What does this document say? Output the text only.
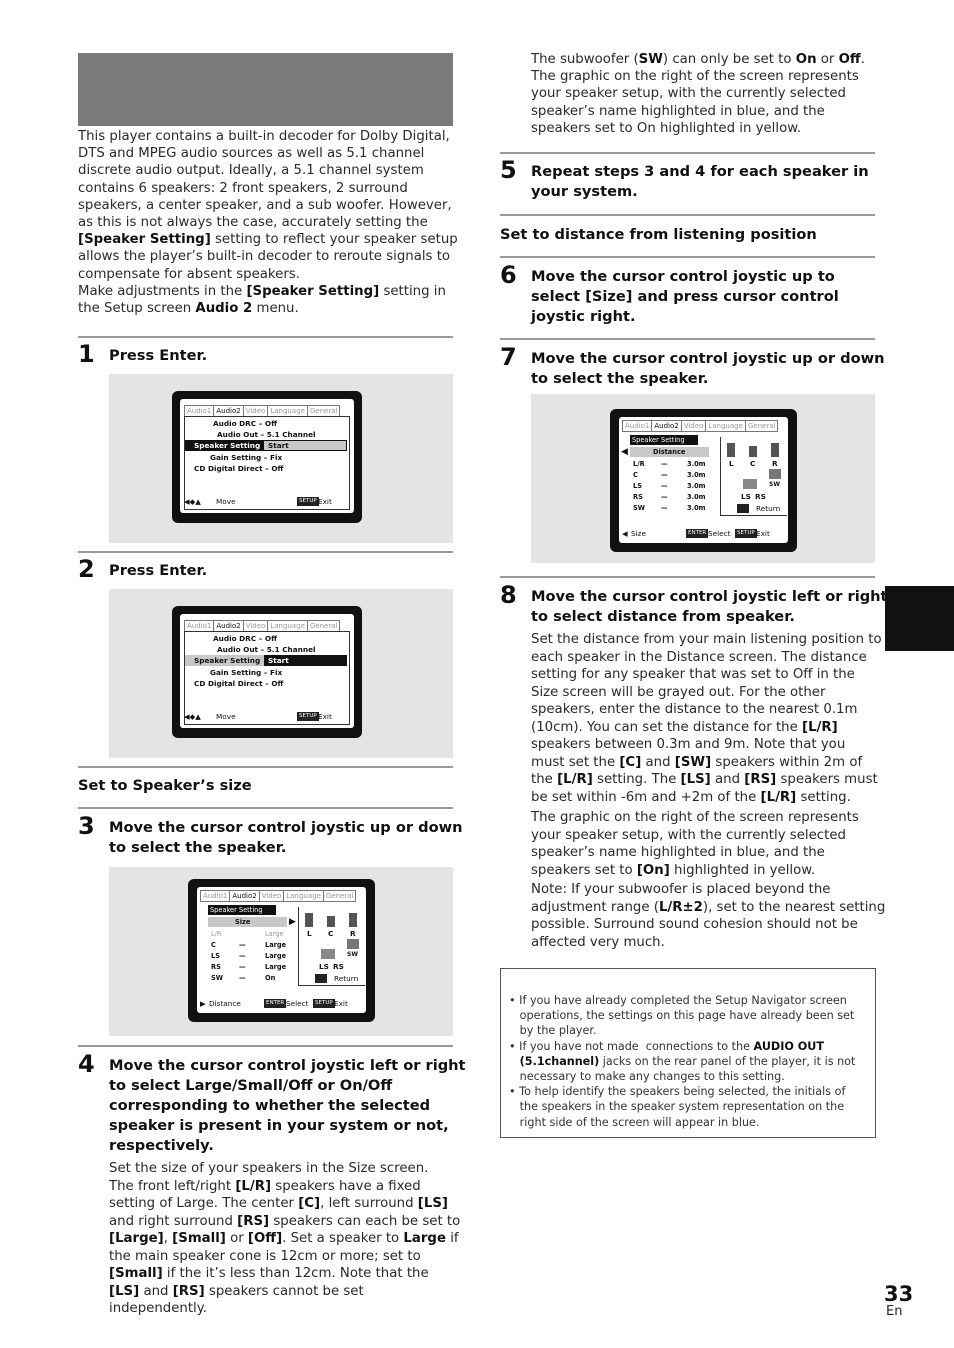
This player contains a built-in decoder for Dolby Digital,
DTS and MPEG audio sources as well as 5.1 channel
discrete audio output. Ideally, a 5.1 channel system
contains 6 speakers: 2 front speakers, 2 surround
speakers, a center speaker, and a sub woofer. However,
as this is not always the case, accurately setting the
[Speaker Setting] setting to reflect your speaker setup
allows the player’s built-in decoder to reroute signals to
compensate for absent speakers.
Make adjustments in the [Speaker Setting] setting in
the Setup screen Audio 2 menu.
1 Press Enter.
Audio1 Audio2 Video Language General
Audio DRC – Off
Audio Out – 5.1 Channel
Speaker Setting Start
Gain Setting – Fix
CD Digital Direct – Off
◀◆▲ Move	SETUP Exit
2 Press Enter.
Audio1 Audio2 Video Language General
Audio DRC – Off
Audio Out – 5.1 Channel
Speaker Setting Start
Gain Setting – Fix
CD Digital Direct – Off
◀◆▲ Move	SETUP Exit
Set to Speaker’s size
3 Move the cursor control joystic up or down
to select the speaker.
Audio1 Audio2 Video Language General
Speaker Setting
Size	▶
L/R	Large
C	—	Large
LS	—	Large
RS	—	Large
SW —	On
L C R
SW
LS RS
Return
▶ Distance	ENTER Select	SETUP Exit
4 Move the cursor control joystic left or right
to select Large/Small/Off or On/Off
corresponding to whether the selected
speaker is present in your system or not,
respectively.
Set the size of your speakers in the Size screen.
The front left/right [L/R] speakers have a fixed
setting of Large. The center [C], left surround [LS]
and right surround [RS] speakers can each be set to
[Large], [Small] or [Off]. Set a speaker to Large if
the main speaker cone is 12cm or more; set to
[Small] if the it’s less than 12cm. Note that the
[LS] and [RS] speakers cannot be set
independently.
The subwoofer (SW) can only be set to On or Off.
The graphic on the right of the screen represents
your speaker setup, with the currently selected
speaker’s name highlighted in blue, and the
speakers set to On highlighted in yellow.
5 Repeat steps 3 and 4 for each speaker in
your system.
Set to distance from listening position
6 Move the cursor control joystic up to
select [Size] and press cursor control
joystic right.
7 Move the cursor control joystic up or down
to select the speaker.
Audio1 Audio2 Video Language General
Speaker Setting
◀	Distance
L/R —	3.0m
C	—	3.0m
LS	—	3.0m
RS	—	3.0m
SW —	3.0m
L C R
SW
LS RS
Return
◀ Size	ENTER Select	SETUP Exit
8 Move the cursor control joystic left or right
to select distance from speaker.
Set the distance from your main listening position to
each speaker in the Distance screen. The distance
setting for any speaker that was set to Off in the
Size screen will be grayed out. For the other
speakers, enter the distance to the nearest 0.1m
(10cm). You can set the distance for the [L/R]
speakers between 0.3m and 9m. Note that you
must set the [C] and [SW] speakers within 2m of
the [L/R] setting. The [LS] and [RS] speakers must
be set within -6m and +2m of the [L/R] setting.
The graphic on the right of the screen represents
your speaker setup, with the currently selected
speaker’s name highlighted in blue, and the
speakers set to [On] highlighted in yellow.
Note: If your subwoofer is placed beyond the
adjustment range (L/R±2), set to the nearest setting
possible. Surround sound cohesion should not be
affected very much.
• If you have already completed the Setup Navigator screen
operations, the settings on this page have already been set
by the player.
• If you have not made  connections to the AUDIO OUT
(5.1channel) jacks on the rear panel of the player, it is not
necessary to make any changes to this setting.
• To help identify the speakers being selected, the initials of
the speakers in the speaker system representation on the
right side of the screen will appear in blue.
33
En
